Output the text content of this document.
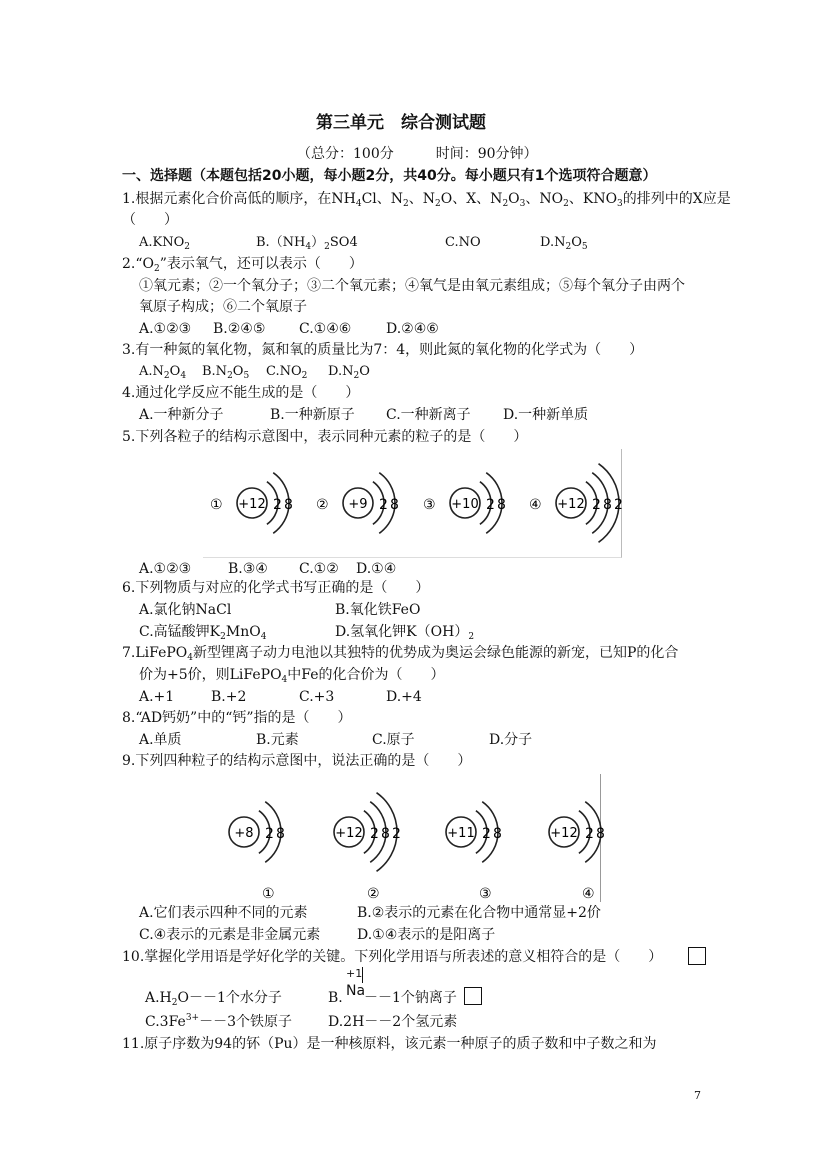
第三单元　综合测试题
（总分：100分　　　时间：90分钟）
一、选择题（本题包括20小题，每小题2分，共40分。每小题只有1个选项符合题意）
1.根据元素化合价高低的顺序，在$NH_4Cl$、$N_2$、$N_2O$、X、$N_2O_3$、$NO_2$、$KNO_3$的排列中的X应是
（　　）
$A.KNO_2$	$B.(NH_4)_2SO4$	C.NO	$D.N_2O_5$
$2.“O_2$”表示氧气，还可以表示（　　）
①氧元素；②一个氧分子；③二个氧元素；④氧气是由氧元素组成；⑤每个氧分子由两个
氧原子构成；⑥二个氧原子
A.①②③ B.②④⑤ C.①④⑥ D.②④⑥
3.有一种氮的氧化物，氮和氧的质量比为7：4，则此氮的氧化物的化学式为（　　）
$A.N_2O_4$ $B.N_2O_5$ $C.NO_2$ $D.N_2O$
4.通过化学反应不能生成的是（　　）
A.一种新分子	B.一种新原子 C.一种新离子 D.一种新单质
5.下列各粒子的结构示意图中，表示同种元素的粒子的是（　　）
+12 2 8
①	+9 2 8
②	+10 2 8
③	+12 2 8 2
④
A.①②③	B.③④ C.①② D.①④
6.下列物质与对应的化学式书写正确的是（　　）
A.氯化钠NaCl	B.氧化铁FeO
C.高锰酸钾$K_2MnO_4$	D.氢氧化钾$K(OH)_2$
7.LiFePO$_4$新型锂离子动力电池以其独特的优势成为奥运会绿色能源的新宠，已知P的化合
价为+5价，则LiFePO$_4$中Fe的化合价为（　　）
A.+1	B.+2	C.+3	D.+4
8.“AD钙奶”中的“钙”指的是（　　）
A.单质	B.元素	C.原子	D.分子
9.下列四种粒子的结构示意图中，说法正确的是（　　）
+8 2 8
①
+12 2 8 2
②
+11 2 8
③
+12 2 8
④
A.它们表示四种不同的元素	B.②表示的元素在化合物中通常显+2价
C.④表示的元素是非金属元素	D.①④表示的是阳离子
10.掌握化学用语是学好化学的关键。下列化学用语与所表述的意义相符合的是（　　）
$A.H_2O--1$个水分子	B.
+1
Na
－－1个钠离子
$C.3Fe^{3+}--3$个铁原子	D.2H－－2个氢元素
11.原子序数为94的钚（Pu）是一种核原料，该元素一种原子的质子数和中子数之和为
7
